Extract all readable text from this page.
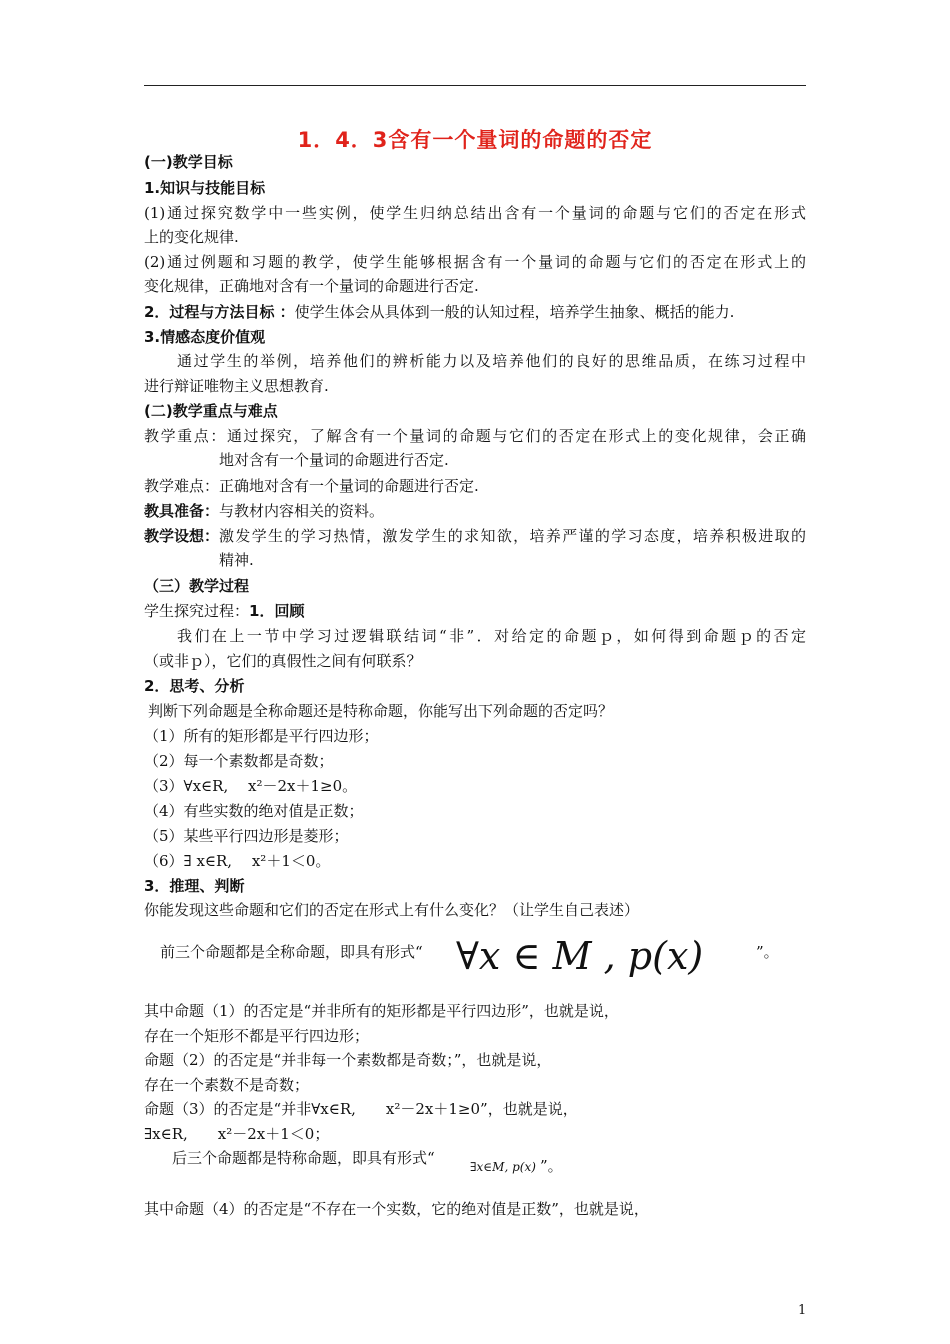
1．4．3含有一个量词的命题的否定
(一)教学目标
1.知识与技能目标
(1)通过探究数学中一些实例，使学生归纳总结出含有一个量词的命题与它们的否定在形式
上的变化规律.
(2)通过例题和习题的教学，使学生能够根据含有一个量词的命题与它们的否定在形式上的
变化规律，正确地对含有一个量词的命题进行否定.
2．过程与方法目标 ：使学生体会从具体到一般的认知过程，培养学生抽象、概括的能力.
3.情感态度价值观
通过学生的举例，培养他们的辨析能力以及培养他们的良好的思维品质，在练习过程中
进行辩证唯物主义思想教育.
(二)教学重点与难点
教学重点：通过探究，了解含有一个量词的命题与它们的否定在形式上的变化规律，会正确
地对含有一个量词的命题进行否定.
教学难点：正确地对含有一个量词的命题进行否定.
教具准备：与教材内容相关的资料。
教学设想： 激发学生的学习热情，激发学生的求知欲，培养严谨的学习态度，培养积极进取的
精神.
（三）教学过程
学生探究过程：1．回顾
我们在上一节中学习过逻辑联结词“非”．对给定的命题ｐ，如何得到命题ｐ的否定
（或非ｐ），它们的真假性之间有何联系？
2．思考、分析
判断下列命题是全称命题还是特称命题，你能写出下列命题的否定吗？
（1）所有的矩形都是平行四边形；
（2）每一个素数都是奇数；
（3）∀x∈R,　 x²－2x＋1≥0。
（4）有些实数的绝对值是正数；
（5）某些平行四边形是菱形；
（6）∃ x∈R,　 x²＋1＜0。
3．推理、判断
你能发现这些命题和它们的否定在形式上有什么变化？（让学生自己表述）
前三个命题都是全称命题，即具有形式“ ∀x ∈ M , p(x)	”。
其中命题（1）的否定是“并非所有的矩形都是平行四边形”，也就是说，
存在一个矩形不都是平行四边形；
命题（2）的否定是“并非每一个素数都是奇数；”，也就是说，
存在一个素数不是奇数；
命题（3）的否定是“并非∀x∈R,　　x²－2x＋1≥0”，也就是说，
∃x∈R,　　x²－2x＋1＜0；
后三个命题都是特称命题，即具有形式“	∃x∈M, p(x) ”。
其中命题（4）的否定是“不存在一个实数，它的绝对值是正数”，也就是说，
1
